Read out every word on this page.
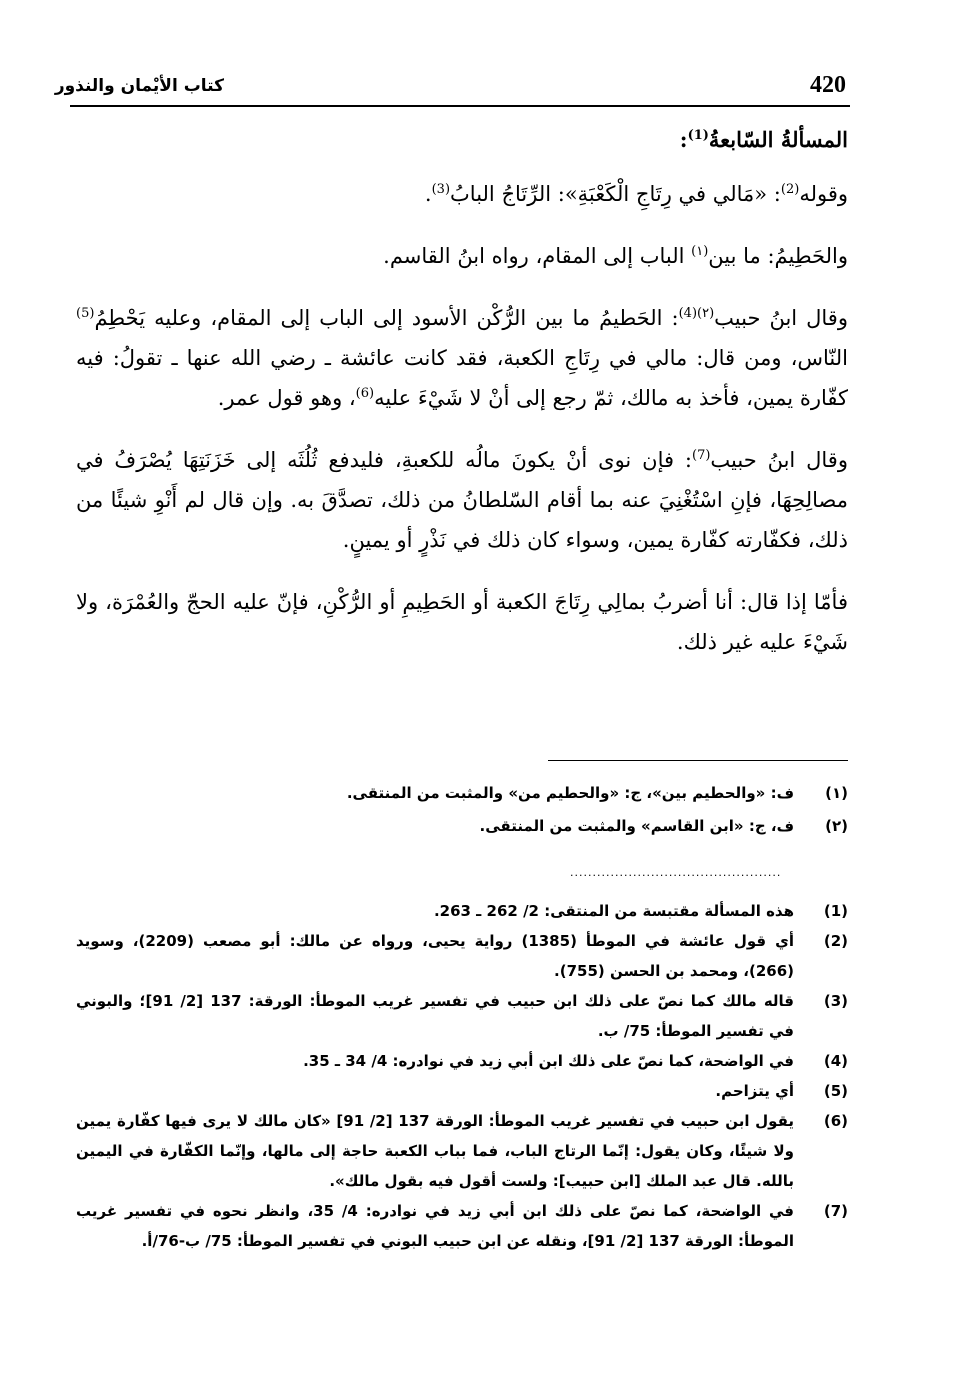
420
كتاب الأيْمان والنذور

المسألةُ السّابعةُ$^{(1)}$:

وقوله$^{(2)}$: «مَالي في رِتَاجِ الْكَعْبَةِ»: الرِّتَاجُ البابُ$^{(3)}$.

والحَطِيمُ: ما بين$^{(١)}$ الباب إلى المقام، رواه ابنُ القاسم.

وقال ابنُ حبيب$^{(٢)(4)}$: الحَطيمُ ما بين الرُّكْن الأسود إلى الباب إلى المقام، وعليه يَحْطِمُ$^{(5)}$ النّاس، ومن قال: مالي في رِتَاجِ الكعبة، فقد كانت عائشة ـ رضي الله عنها ـ تقولُ: فيه كفّارة يمين، فأخذ به مالك، ثمّ رجع إلى أنْ لا شَيْءَ عليه$^{(6)}$، وهو قول عمر.

وقال ابنُ حبيب$^{(7)}$: فإن نوى أنْ يكونَ مالُه للكعبةِ، فليدفع ثُلُثَه إلى خَزَنَتِهَا يُصْرَفُ في مصالِحِهَا، فإنِ اسْتُغْنِيَ عنه بما أقام السّلطانُ من ذلك، تصدَّقَ به. وإن قال لم أَنْوِ شيئًا من ذلك، فكفّارته كفّارة يمين، وسواء كان ذلك في نَذْرٍ أو يمينٍ.

فأمّا إذا قال: أنا أضربُ بمالِي رِتَاجَ الكعبة أو الحَطِيمِ أو الرُّكْنِ، فإنّ عليه الحجّ والعُمْرَة، ولا شَيْءَ عليه غير ذلك.

(١)
ف: «والحطيم بين»، ج: «والحطيم من» والمثبت من المنتقى.
(٢)
ف، ج: «ابن القاسم» والمثبت من المنتقى.
...............................................
(1)
هذه المسألة مقتبسة من المنتقى: 2/ 262 ـ 263.
(2)
أي قول عائشة في الموطأ (1385) رواية يحيى، ورواه عن مالك: أبو مصعب (2209)، وسويد (266)، ومحمد بن الحسن (755).
(3)
قاله مالك كما نصّ على ذلك ابن حبيب في تفسير غريب الموطأ: الورقة: 137 [2/ 91]؛ والبوني في تفسير الموطأ: 75/ ب.
(4)
في الواضحة، كما نصّ على ذلك ابن أبي زيد في نوادره: 4/ 34 ـ 35.
(5)
أي يتزاحم.
(6)
يقول ابن حبيب في تفسير غريب الموطأ: الورقة 137 [2/ 91] «كان مالك لا يرى فيها كفّارة يمين ولا شيئًا، وكان يقول: إنّما الرتاج الباب، فما بباب الكعبة حاجة إلى مالها، وإنّما الكفّارة في اليمين بالله. قال عبد الملك [ابن حبيب]: ولست أقول فيه بقول مالك».
(7)
في الواضحة، كما نصّ على ذلك ابن أبي زيد في نوادره: 4/ 35، وانظر نحوه في تفسير غريب الموطأ: الورقة 137 [2/ 91]، ونقله عن ابن حبيب البوني في تفسير الموطأ: 75/ ب-76/أ.
